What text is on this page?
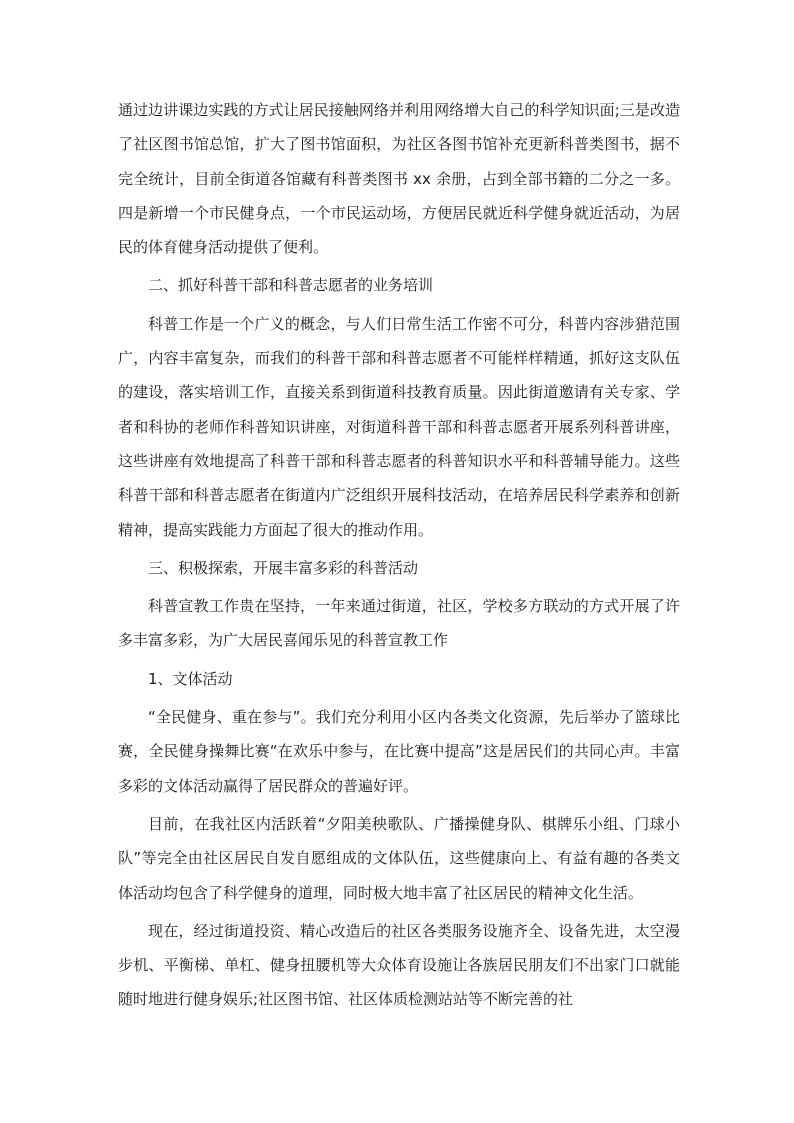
通过边讲课边实践的方式让居民接触网络并利用网络增大自己的科学知识面;三是改造了社区图书馆总馆，扩大了图书馆面积，为社区各图书馆补充更新科普类图书，据不完全统计，目前全街道各馆藏有科普类图书 xx 余册，占到全部书籍的二分之一多。四是新增一个市民健身点，一个市民运动场，方便居民就近科学健身就近活动，为居民的体育健身活动提供了便利。

二、抓好科普干部和科普志愿者的业务培训

科普工作是一个广义的概念，与人们日常生活工作密不可分，科普内容涉猎范围广，内容丰富复杂，而我们的科普干部和科普志愿者不可能样样精通，抓好这支队伍的建设，落实培训工作，直接关系到街道科技教育质量。因此街道邀请有关专家、学者和科协的老师作科普知识讲座，对街道科普干部和科普志愿者开展系列科普讲座，这些讲座有效地提高了科普干部和科普志愿者的科普知识水平和科普辅导能力。这些科普干部和科普志愿者在街道内广泛组织开展科技活动，在培养居民科学素养和创新精神，提高实践能力方面起了很大的推动作用。

三、积极探索，开展丰富多彩的科普活动

科普宣教工作贵在坚持，一年来通过街道，社区，学校多方联动的方式开展了许多丰富多彩，为广大居民喜闻乐见的科普宣教工作

1、文体活动

“全民健身、重在参与”。我们充分利用小区内各类文化资源，先后举办了篮球比赛，全民健身操舞比赛“在欢乐中参与，在比赛中提高”这是居民们的共同心声。丰富多彩的文体活动赢得了居民群众的普遍好评。

目前，在我社区内活跃着“夕阳美秧歌队、广播操健身队、棋牌乐小组、门球小队”等完全由社区居民自发自愿组成的文体队伍，这些健康向上、有益有趣的各类文体活动均包含了科学健身的道理，同时极大地丰富了社区居民的精神文化生活。

现在，经过街道投资、精心改造后的社区各类服务设施齐全、设备先进，太空漫步机、平衡梯、单杠、健身扭腰机等大众体育设施让各族居民朋友们不出家门口就能随时地进行健身娱乐;社区图书馆、社区体质检测站站等不断完善的社
